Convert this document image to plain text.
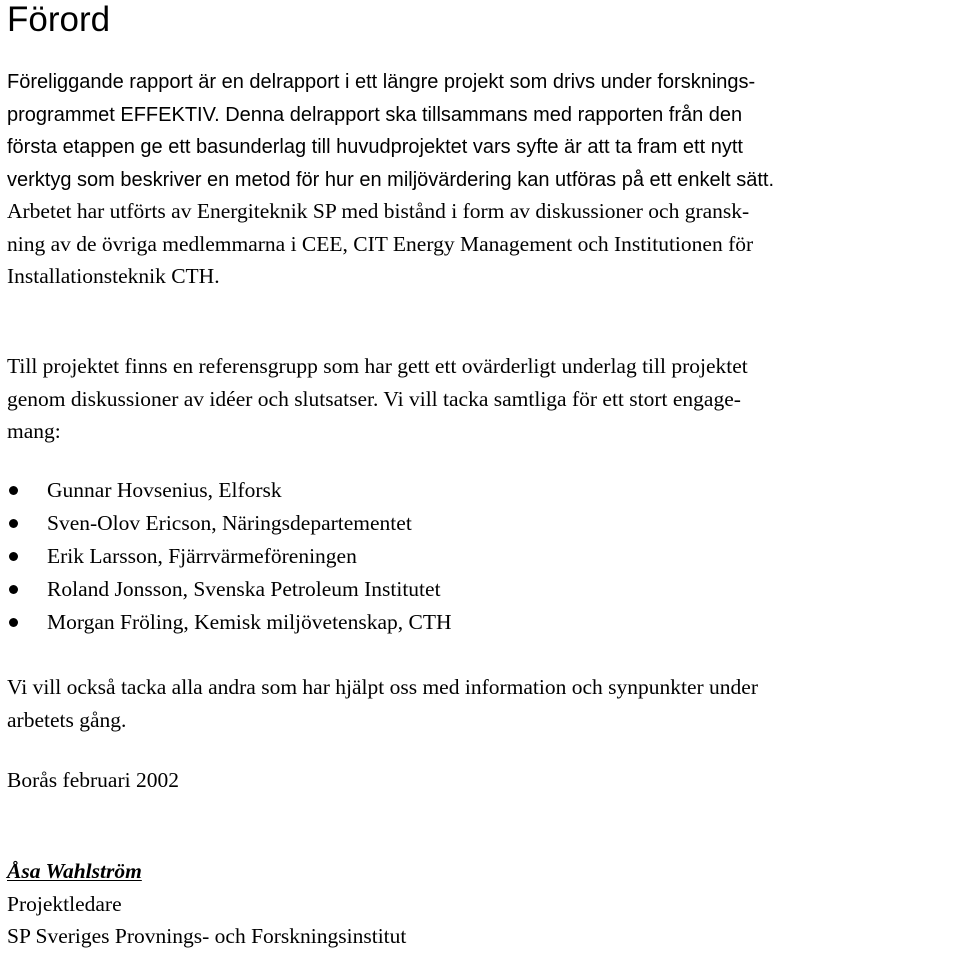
Förord

Föreliggande rapport är en delrapport i ett längre projekt som drivs under forsknings-
programmet EFFEKTIV. Denna delrapport ska tillsammans med rapporten från den
första etappen ge ett basunderlag till huvudprojektet vars syfte är att ta fram ett nytt
verktyg som beskriver en metod för hur en miljövärdering kan utföras på ett enkelt sätt.

Arbetet har utförts av Energiteknik SP med bistånd i form av diskussioner och gransk-
ning av de övriga medlemmarna i CEE, CIT Energy Management och Institutionen för
Installationsteknik CTH.

Till projektet finns en referensgrupp som har gett ett ovärderligt underlag till projektet
genom diskussioner av idéer och slutsatser. Vi vill tacka samtliga för ett stort engage-
mang:

Gunnar Hovsenius, Elforsk
Sven-Olov Ericson, Näringsdepartementet
Erik Larsson, Fjärrvärmeföreningen
Roland Jonsson, Svenska Petroleum Institutet
Morgan Fröling, Kemisk miljövetenskap, CTH

Vi vill också tacka alla andra som har hjälpt oss med information och synpunkter under
arbetets gång.

Borås februari 2002

Åsa Wahlström
Projektledare
SP Sveriges Provnings- och Forskningsinstitut
